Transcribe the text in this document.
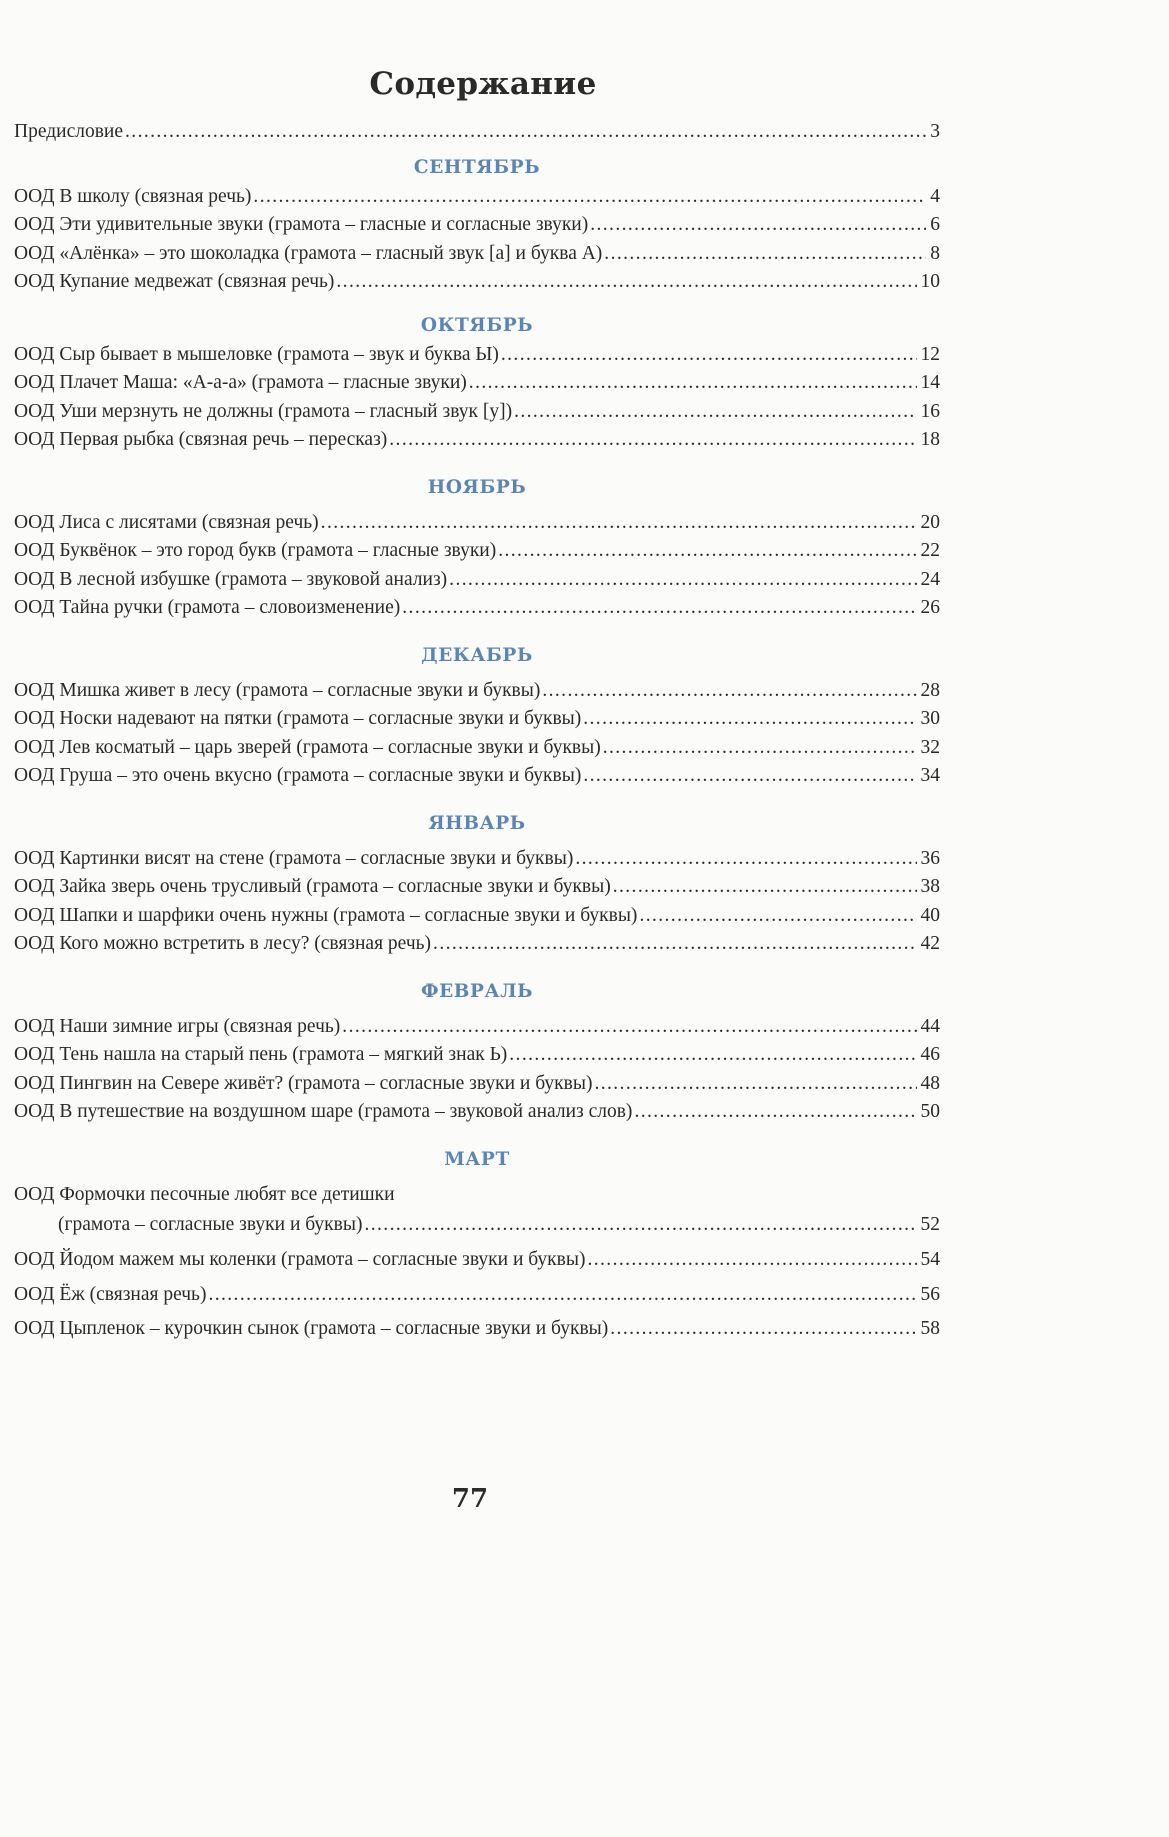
Содержание
Предисловие .....	3
СЕНТЯБРЬ
ООД В школу (связная речь) .....	4
ООД Эти удивительные звуки (грамота – гласные и согласные звуки) .....	6
ООД «Алёнка» – это шоколадка (грамота – гласный звук [а] и буква А) .....	8
ООД Купание медвежат (связная речь) .....	10
ОКТЯБРЬ
ООД Сыр бывает в мышеловке (грамота – звук и буква Ы) .....	12
ООД Плачет Маша: «А-а-а» (грамота – гласные звуки) .....	14
ООД Уши мерзнуть не должны (грамота – гласный звук [у]) .....	16
ООД Первая рыбка (связная речь – пересказ) .....	18
НОЯБРЬ
ООД Лиса с лисятами (связная речь) .....	20
ООД Буквёнок – это город букв (грамота – гласные звуки) .....	22
ООД В лесной избушке (грамота – звуковой анализ) .....	24
ООД Тайна ручки (грамота – словоизменение) .....	26
ДЕКАБРЬ
ООД Мишка живет в лесу (грамота – согласные звуки и буквы) .....	28
ООД Носки надевают на пятки (грамота – согласные звуки и буквы) .....	30
ООД Лев косматый – царь зверей (грамота – согласные звуки и буквы) .....	32
ООД Груша – это очень вкусно (грамота – согласные звуки и буквы) .....	34
ЯНВАРЬ
ООД Картинки висят на стене (грамота – согласные звуки и буквы) .....	36
ООД Зайка зверь очень трусливый (грамота – согласные звуки и буквы) .....	38
ООД Шапки и шарфики очень нужны (грамота – согласные звуки и буквы) .....	40
ООД Кого можно встретить в лесу? (связная речь) .....	42
ФЕВРАЛЬ
ООД Наши зимние игры (связная речь) .....	44
ООД Тень нашла на старый пень (грамота – мягкий знак Ь) .....	46
ООД Пингвин на Севере живёт? (грамота – согласные звуки и буквы) .....	48
ООД В путешествие на воздушном шаре (грамота – звуковой анализ слов) .....	50
МАРТ
ООД Формочки песочные любят все детишки
(грамота – согласные звуки и буквы) .....	52
ООД Йодом мажем мы коленки (грамота – согласные звуки и буквы) .....	54
ООД Ёж (связная речь) .....	56
ООД Цыпленок – курочкин сынок (грамота – согласные звуки и буквы) .....	58
77
